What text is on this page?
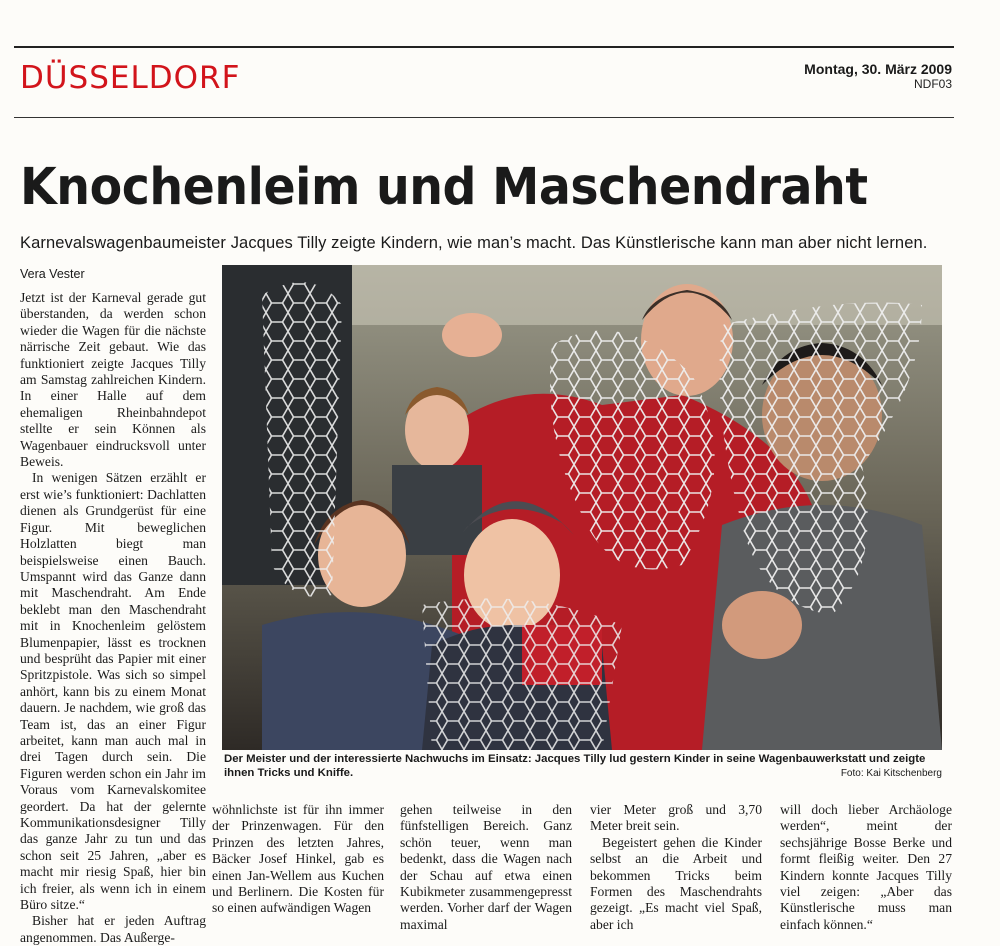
DÜSSELDORF	Montag, 30. März 2009
NDF03
Knochenleim und Maschendraht
Karnevalswagenbaumeister Jacques Tilly zeigte Kindern, wie man’s macht. Das Künstlerische kann man aber nicht lernen.
Vera Vester

Jetzt ist der Karneval gerade gut überstanden, da werden schon wieder die Wagen für die nächste närrische Zeit gebaut. Wie das funktioniert zeigte Jacques Tilly am Samstag zahlreichen Kindern. In einer Halle auf dem ehemaligen Rheinbahndepot stellte er sein Können als Wagenbauer eindrucksvoll unter Beweis.

In wenigen Sätzen erzählt er erst wie’s funktioniert: Dachlatten dienen als Grundgerüst für eine Figur. Mit beweglichen Holzlatten biegt man beispielsweise einen Bauch. Umspannt wird das Ganze dann mit Maschendraht. Am Ende beklebt man den Maschendraht mit in Knochenleim gelöstem Blumenpapier, lässt es trocknen und besprüht das Papier mit einer Spritzpistole. Was sich so simpel anhört, kann bis zu einem Monat dauern. Je nachdem, wie groß das Team ist, das an einer Figur arbeitet, kann man auch mal in drei Tagen durch sein. Die Figuren werden schon ein Jahr im Voraus vom Karnevalskomitee geordert. Da hat der gelernte Kommunikationsdesigner Tilly das ganze Jahr zu tun und das schon seit 25 Jahren, „aber es macht mir riesig Spaß, hier bin ich freier, als wenn ich in einem Büro sitze.“

Bisher hat er jeden Auftrag angenommen. Das Außerge-

Der Meister und der interessierte Nachwuchs im Einsatz: Jacques Tilly lud gestern Kinder in seine Wagenbauwerkstatt und zeigte ihnen Tricks und Kniffe.	Foto: Kai Kitschenberg

wöhnlichste ist für ihn immer der Prinzenwagen. Für den Prinzen des letzten Jahres, Bäcker Josef Hinkel, gab es einen Jan-Wellem aus Kuchen und Berlinern. Die Kosten für so einen aufwändigen Wagen

gehen teilweise in den fünfstelligen Bereich. Ganz schön teuer, wenn man bedenkt, dass die Wagen nach der Schau auf etwa einen Kubikmeter zusammengepresst werden. Vorher darf der Wagen maximal

vier Meter groß und 3,70 Meter breit sein.

Begeistert gehen die Kinder selbst an die Arbeit und bekommen Tricks beim Formen des Maschendrahts gezeigt. „Es macht viel Spaß, aber ich

will doch lieber Archäologe werden“, meint der sechsjährige Bosse Berke und formt fleißig weiter. Den 27 Kindern konnte Jacques Tilly viel zeigen: „Aber das Künstlerische muss man einfach können.“
